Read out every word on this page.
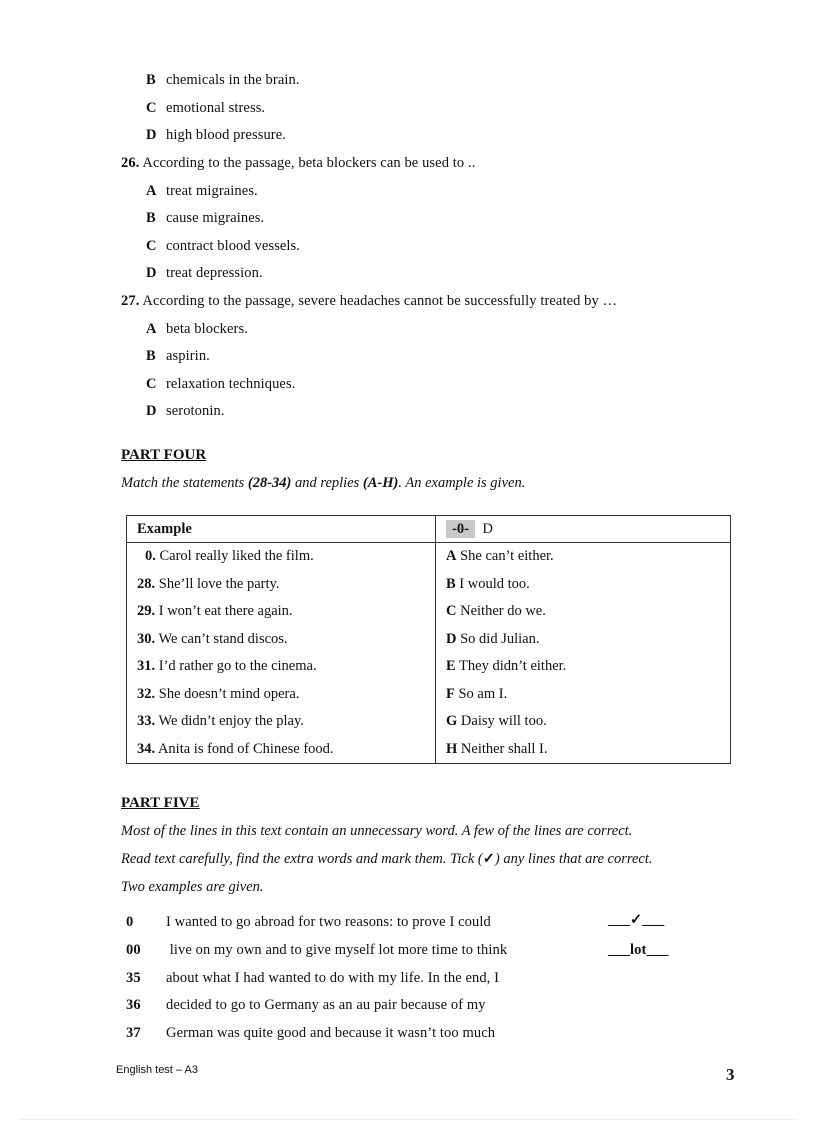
B chemicals in the brain.
C emotional stress.
D high blood pressure.
26. According to the passage, beta blockers can be used to ..
A treat migraines.
B cause migraines.
C contract blood vessels.
D treat depression.
27. According to the passage, severe headaches cannot be successfully treated by …
A beta blockers.
B aspirin.
C relaxation techniques.
D serotonin.
PART FOUR
Match the statements (28-34) and replies (A-H). An example is given.
Example	-0- D
0. Carol really liked the film.	A She can’t either.
28. She’ll love the party.	B I would too.
29. I won’t eat there again.	C Neither do we.
30. We can’t stand discos.	D So did Julian.
31. I’d rather go to the cinema.	E They didn’t either.
32. She doesn’t mind opera.	F So am I.
33. We didn’t enjoy the play.	G Daisy will too.
34. Anita is fond of Chinese food.	H Neither shall I.
PART FIVE
Most of the lines in this text contain an unnecessary word. A few of the lines are correct.
Read text carefully, find the extra words and mark them. Tick (✓) any lines that are correct.
Two examples are given.
0 I wanted to go abroad for two reasons: to prove I could	___✓___
00 live on my own and to give myself lot more time to think	___lot___
35 about what I had wanted to do with my life. In the end, I
36 decided to go to Germany as an au pair because of my
37 German was quite good and because it wasn’t too much
English test – A3	3
